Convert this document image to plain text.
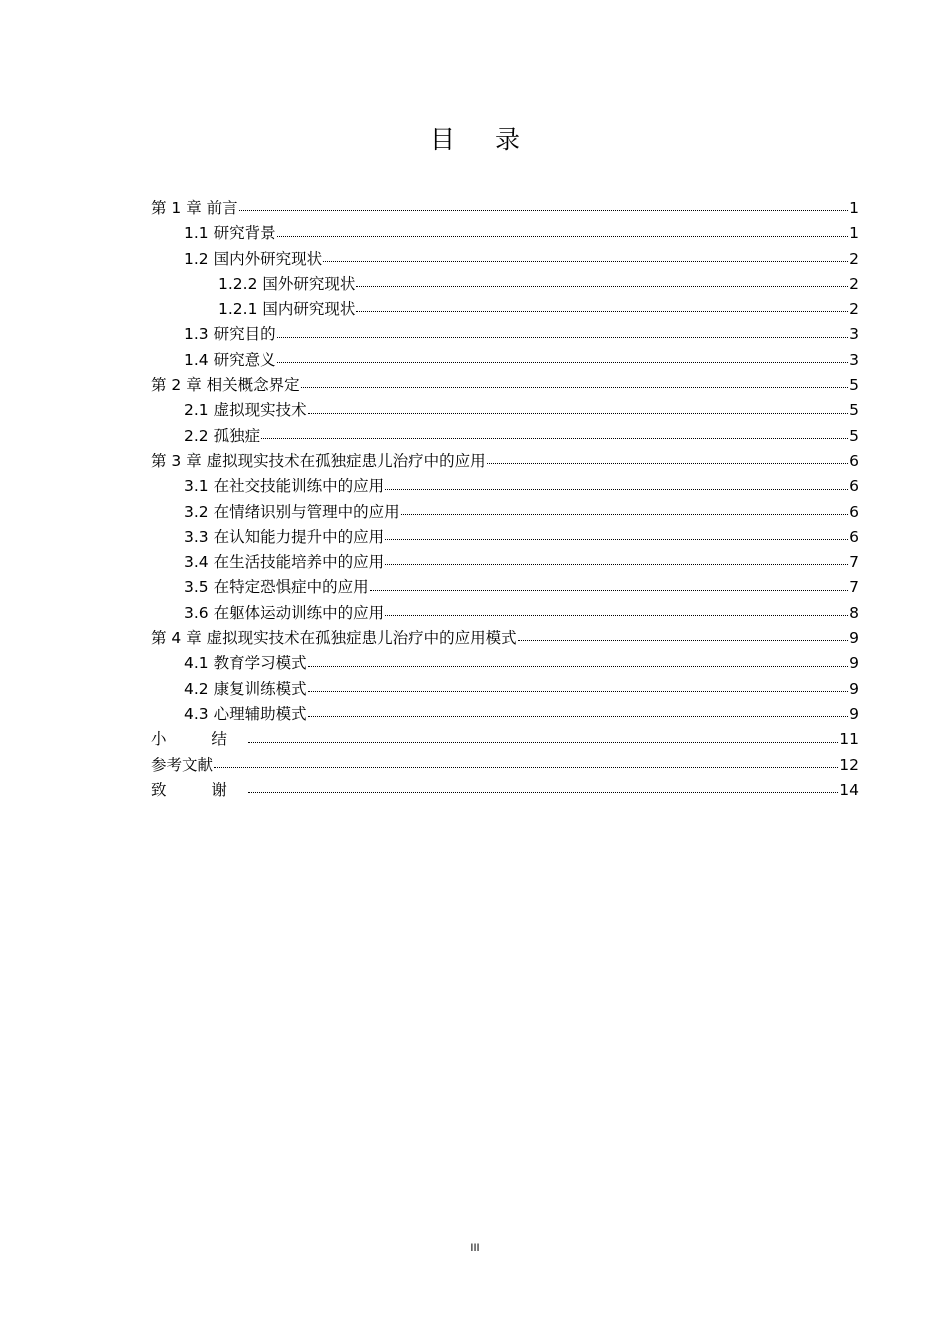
目 录
第 1 章 前言	1
1.1 研究背景	1
1.2 国内外研究现状	2
1.2.2 国外研究现状	2
1.2.1 国内研究现状	2
1.3 研究目的	3
1.4 研究意义	3
第 2 章 相关概念界定	5
2.1 虚拟现实技术	5
2.2 孤独症	5
第 3 章 虚拟现实技术在孤独症患儿治疗中的应用	6
3.1 在社交技能训练中的应用	6
3.2 在情绪识别与管理中的应用	6
3.3 在认知能力提升中的应用	6
3.4 在生活技能培养中的应用	7
3.5 在特定恐惧症中的应用	7
3.6 在躯体运动训练中的应用	8
第 4 章 虚拟现实技术在孤独症患儿治疗中的应用模式	9
4.1 教育学习模式	9
4.2 康复训练模式	9
4.3 心理辅助模式	9
小 结	11
参考文献	12
致 谢	14
III
